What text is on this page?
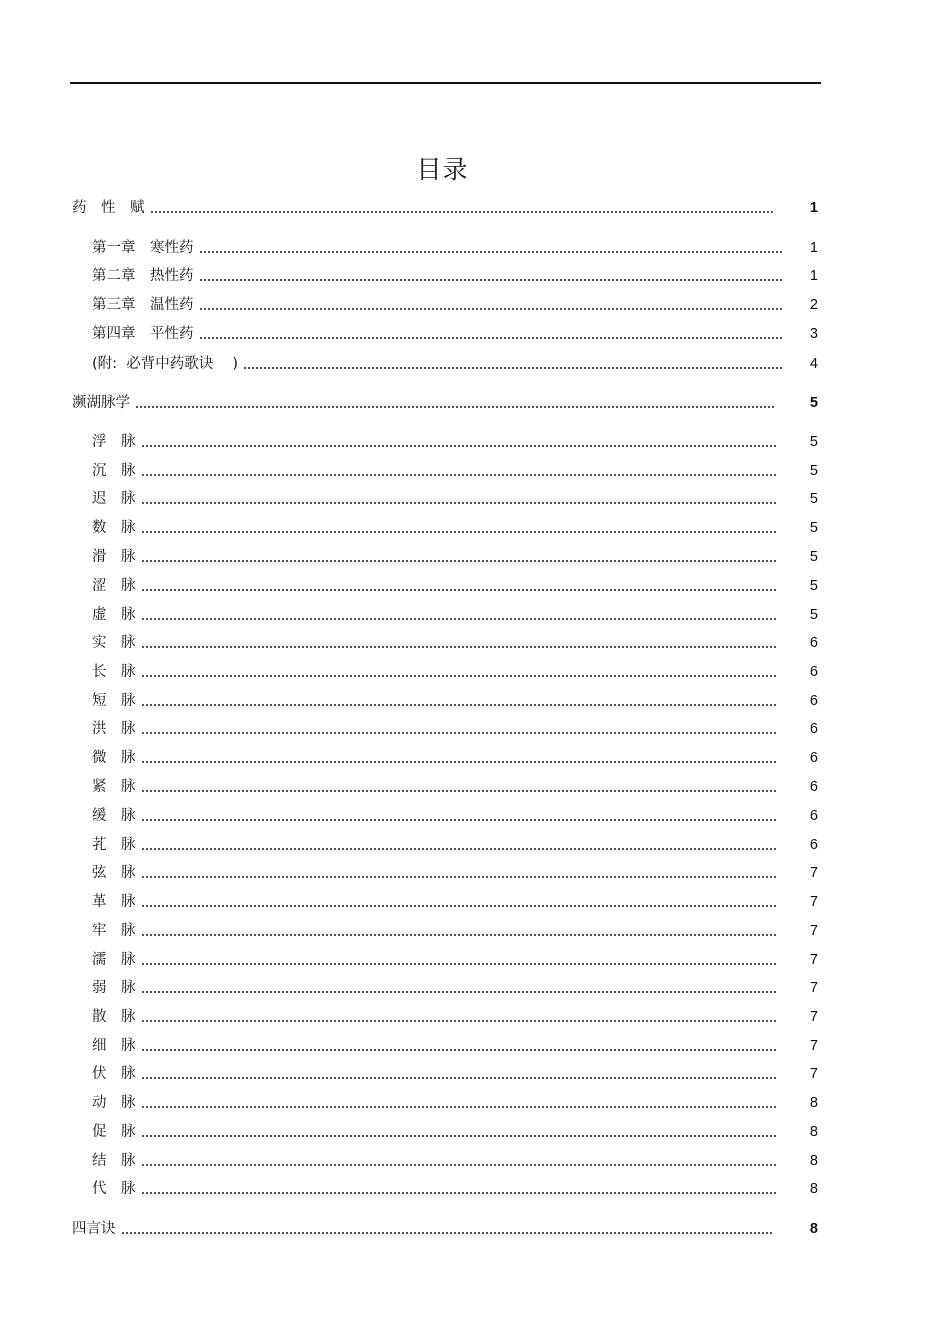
目录
药　性　赋	1
第一章　寒性药	1
第二章　热性药	1
第三章　温性药	2
第四章　平性药	3
(附:  必背中药歌诀　 )	4
濒湖脉学	5
浮　脉	5
沉　脉	5
迟　脉	5
数　脉	5
滑　脉	5
涩　脉	5
虚　脉	5
实　脉	6
长　脉	6
短　脉	6
洪　脉	6
微　脉	6
紧　脉	6
缓　脉	6
芤　脉	6
弦　脉	7
革　脉	7
牢　脉	7
濡　脉	7
弱　脉	7
散　脉	7
细　脉	7
伏　脉	7
动　脉	8
促　脉	8
结　脉	8
代　脉	8
四言诀	8
